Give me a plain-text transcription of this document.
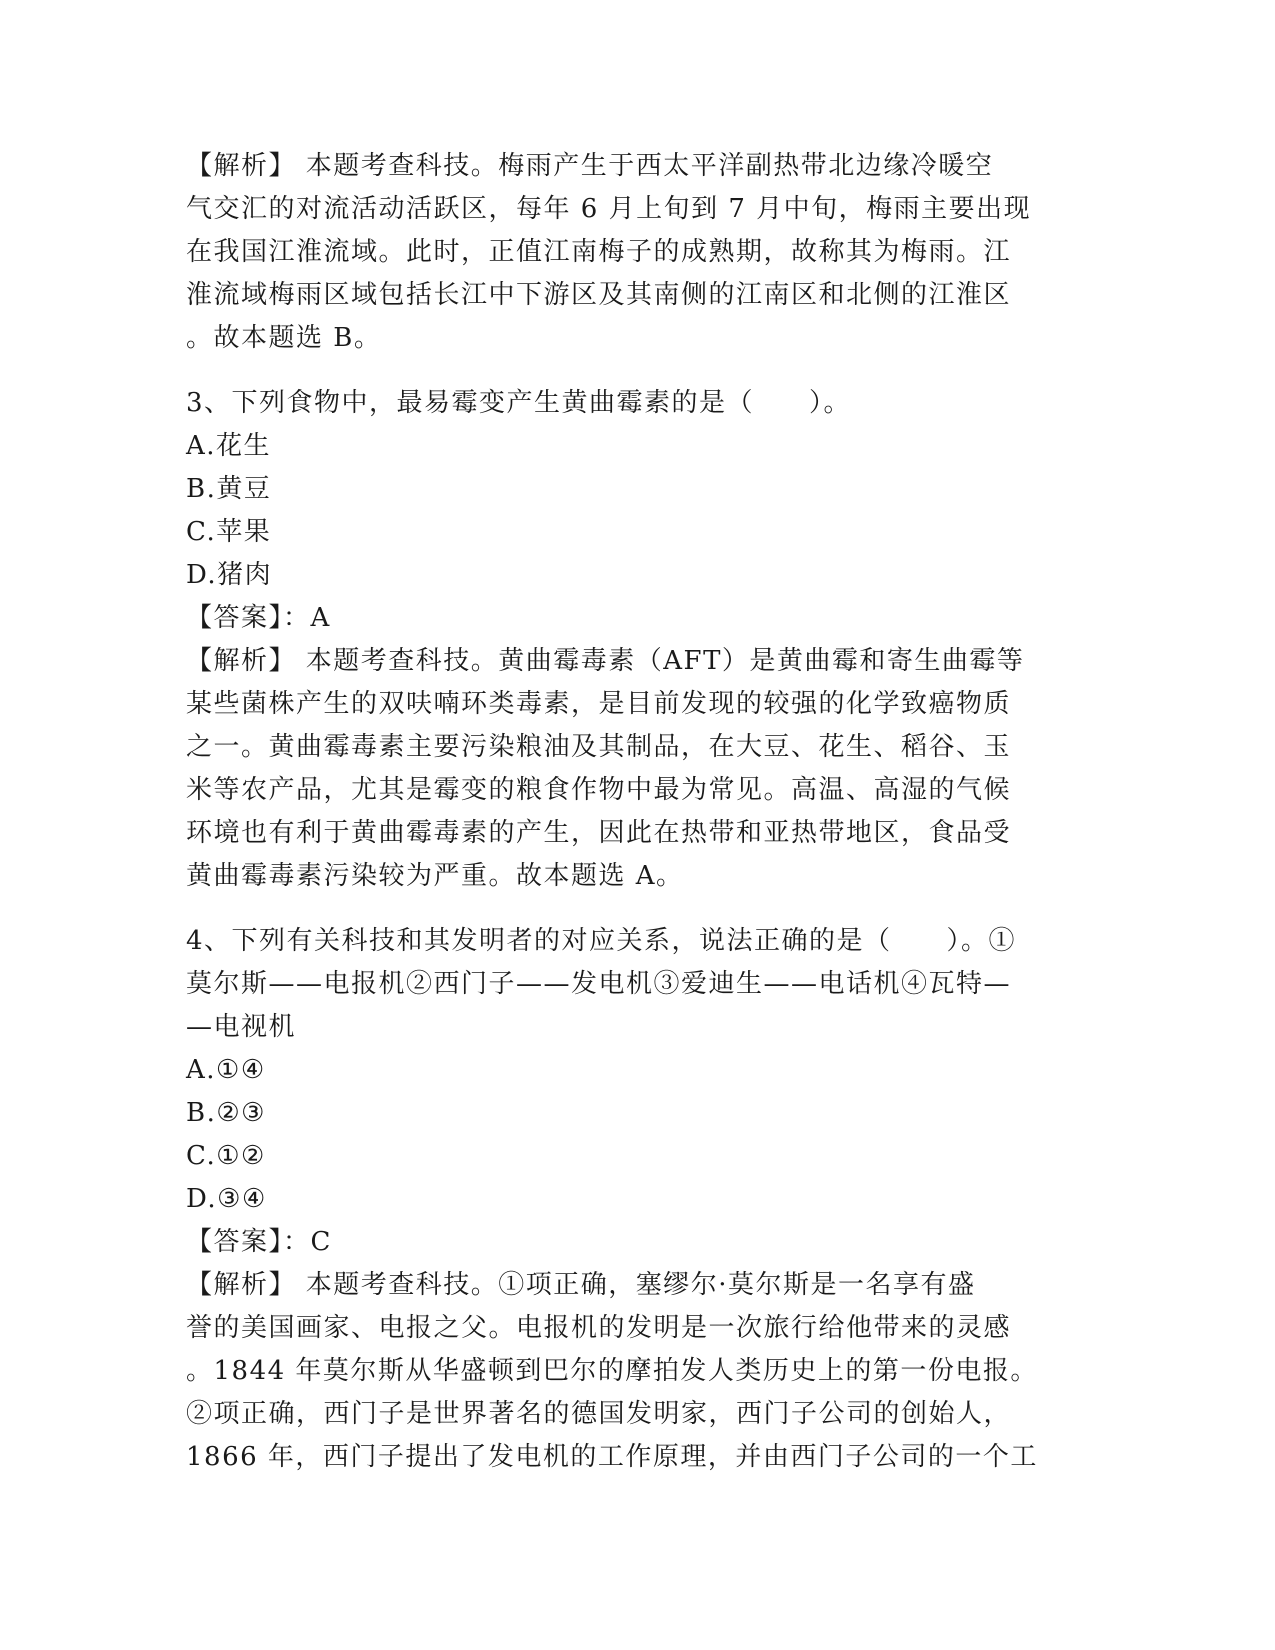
【解析】 本题考查科技。梅雨产生于西太平洋副热带北边缘冷暖空
气交汇的对流活动活跃区，每年 6 月上旬到 7 月中旬，梅雨主要出现
在我国江淮流域。此时，正值江南梅子的成熟期，故称其为梅雨。江
淮流域梅雨区域包括长江中下游区及其南侧的江南区和北侧的江淮区
。故本题选 B。
3、下列食物中，最易霉变产生黄曲霉素的是（　　）。
A.花生
B.黄豆
C.苹果
D.猪肉
【答案】：A
【解析】 本题考查科技。黄曲霉毒素（AFT）是黄曲霉和寄生曲霉等
某些菌株产生的双呋喃环类毒素，是目前发现的较强的化学致癌物质
之一。黄曲霉毒素主要污染粮油及其制品，在大豆、花生、稻谷、玉
米等农产品，尤其是霉变的粮食作物中最为常见。高温、高湿的气候
环境也有利于黄曲霉毒素的产生，因此在热带和亚热带地区，食品受
黄曲霉毒素污染较为严重。故本题选 A。
4、下列有关科技和其发明者的对应关系，说法正确的是（　　）。①
莫尔斯——电报机②西门子——发电机③爱迪生——电话机④瓦特—
—电视机
A.①④
B.②③
C.①②
D.③④
【答案】：C
【解析】 本题考查科技。①项正确，塞缪尔·莫尔斯是一名享有盛
誉的美国画家、电报之父。电报机的发明是一次旅行给他带来的灵感
。1844 年莫尔斯从华盛顿到巴尔的摩拍发人类历史上的第一份电报。
②项正确，西门子是世界著名的德国发明家，西门子公司的创始人，
1866 年，西门子提出了发电机的工作原理，并由西门子公司的一个工
